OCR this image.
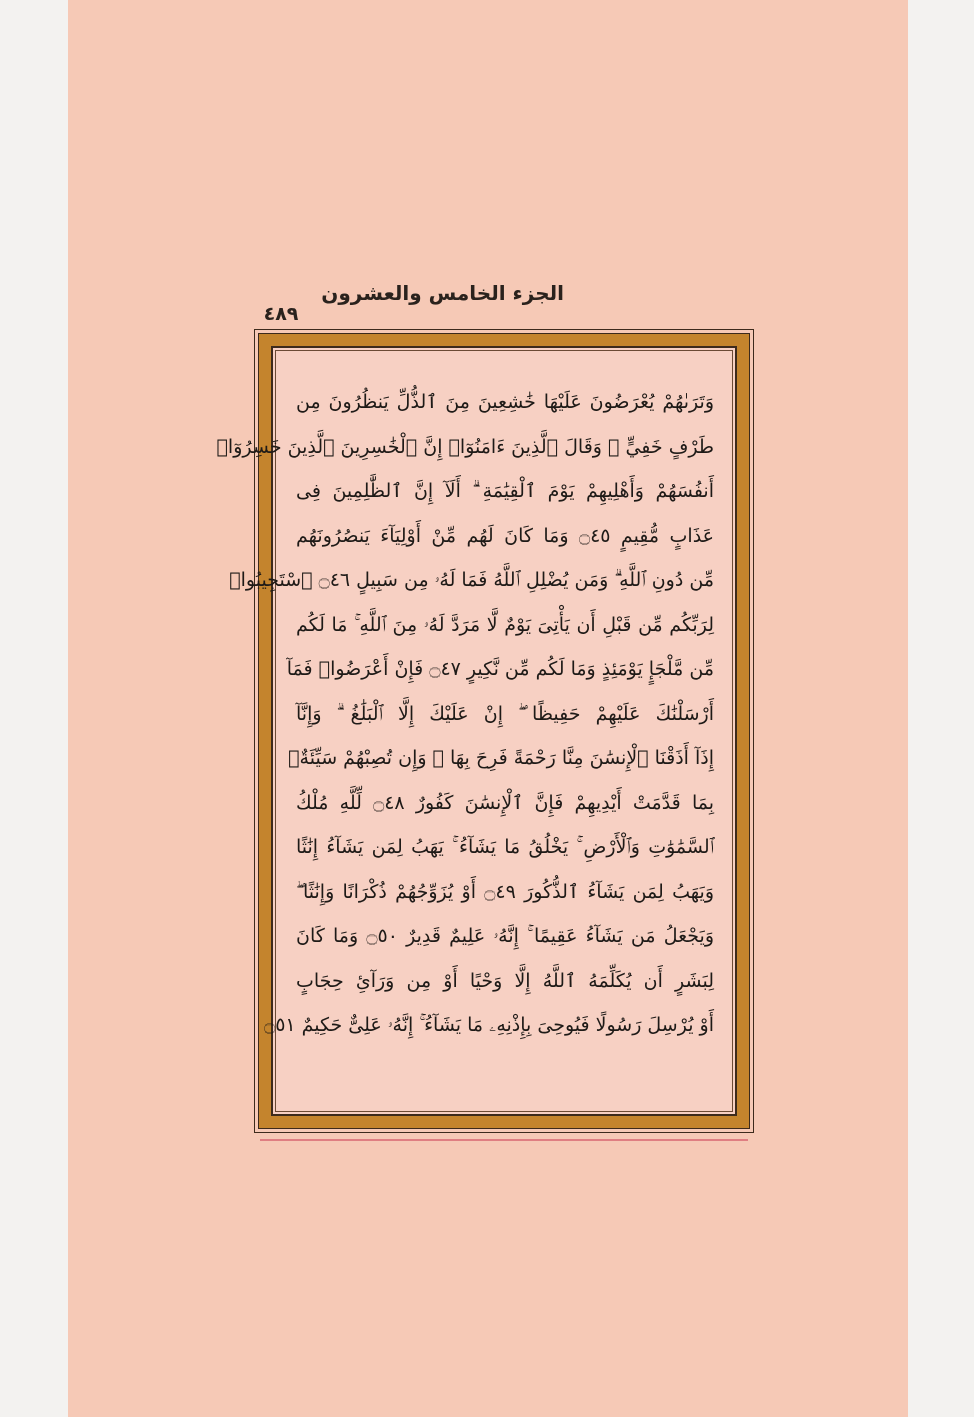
الجزء الخامس والعشرون
٤٨٩
وَتَرَىٰهُمْ يُعْرَضُونَ عَلَيْهَا خَٰشِعِينَ مِنَ ٱلذُّلِّ يَنظُرُونَ مِن
طَرْفٍ خَفِيٍّ ۗ وَقَالَ ٱلَّذِينَ ءَامَنُوٓا۟ إِنَّ ٱلْخَٰسِرِينَ ٱلَّذِينَ خَسِرُوٓا۟
أَنفُسَهُمْ وَأَهْلِيهِمْ يَوْمَ ٱلْقِيَٰمَةِ ۗ أَلَآ إِنَّ ٱلظَّٰلِمِينَ فِى
عَذَابٍ مُّقِيمٍ ۝٤٥ وَمَا كَانَ لَهُم مِّنْ أَوْلِيَآءَ يَنصُرُونَهُم
مِّن دُونِ ٱللَّهِ ۗ وَمَن يُضْلِلِ ٱللَّهُ فَمَا لَهُۥ مِن سَبِيلٍ ۝٤٦ ٱسْتَجِيبُوا۟
لِرَبِّكُم مِّن قَبْلِ أَن يَأْتِىَ يَوْمٌ لَّا مَرَدَّ لَهُۥ مِنَ ٱللَّهِ ۚ مَا لَكُم
مِّن مَّلْجَإٍ يَوْمَئِذٍ وَمَا لَكُم مِّن نَّكِيرٍ ۝٤٧ فَإِنْ أَعْرَضُوا۟ فَمَآ
أَرْسَلْنَٰكَ عَلَيْهِمْ حَفِيظًا ۖ إِنْ عَلَيْكَ إِلَّا ٱلْبَلَٰغُ ۗ وَإِنَّآ
إِذَآ أَذَقْنَا ٱلْإِنسَٰنَ مِنَّا رَحْمَةً فَرِحَ بِهَا ۖ وَإِن تُصِبْهُمْ سَيِّئَةٌۢ
بِمَا قَدَّمَتْ أَيْدِيهِمْ فَإِنَّ ٱلْإِنسَٰنَ كَفُورٌ ۝٤٨ لِّلَّهِ مُلْكُ
ٱلسَّمَٰوَٰتِ وَٱلْأَرْضِ ۚ يَخْلُقُ مَا يَشَآءُ ۚ يَهَبُ لِمَن يَشَآءُ إِنَٰثًا
وَيَهَبُ لِمَن يَشَآءُ ٱلذُّكُورَ ۝٤٩ أَوْ يُزَوِّجُهُمْ ذُكْرَانًا وَإِنَٰثًا ۖ
وَيَجْعَلُ مَن يَشَآءُ عَقِيمًا ۚ إِنَّهُۥ عَلِيمٌ قَدِيرٌ ۝٥٠ وَمَا كَانَ
لِبَشَرٍ أَن يُكَلِّمَهُ ٱللَّهُ إِلَّا وَحْيًا أَوْ مِن وَرَآئِ حِجَابٍ
أَوْ يُرْسِلَ رَسُولًا فَيُوحِىَ بِإِذْنِهِۦ مَا يَشَآءُ ۚ إِنَّهُۥ عَلِىٌّ حَكِيمٌ ۝٥١
